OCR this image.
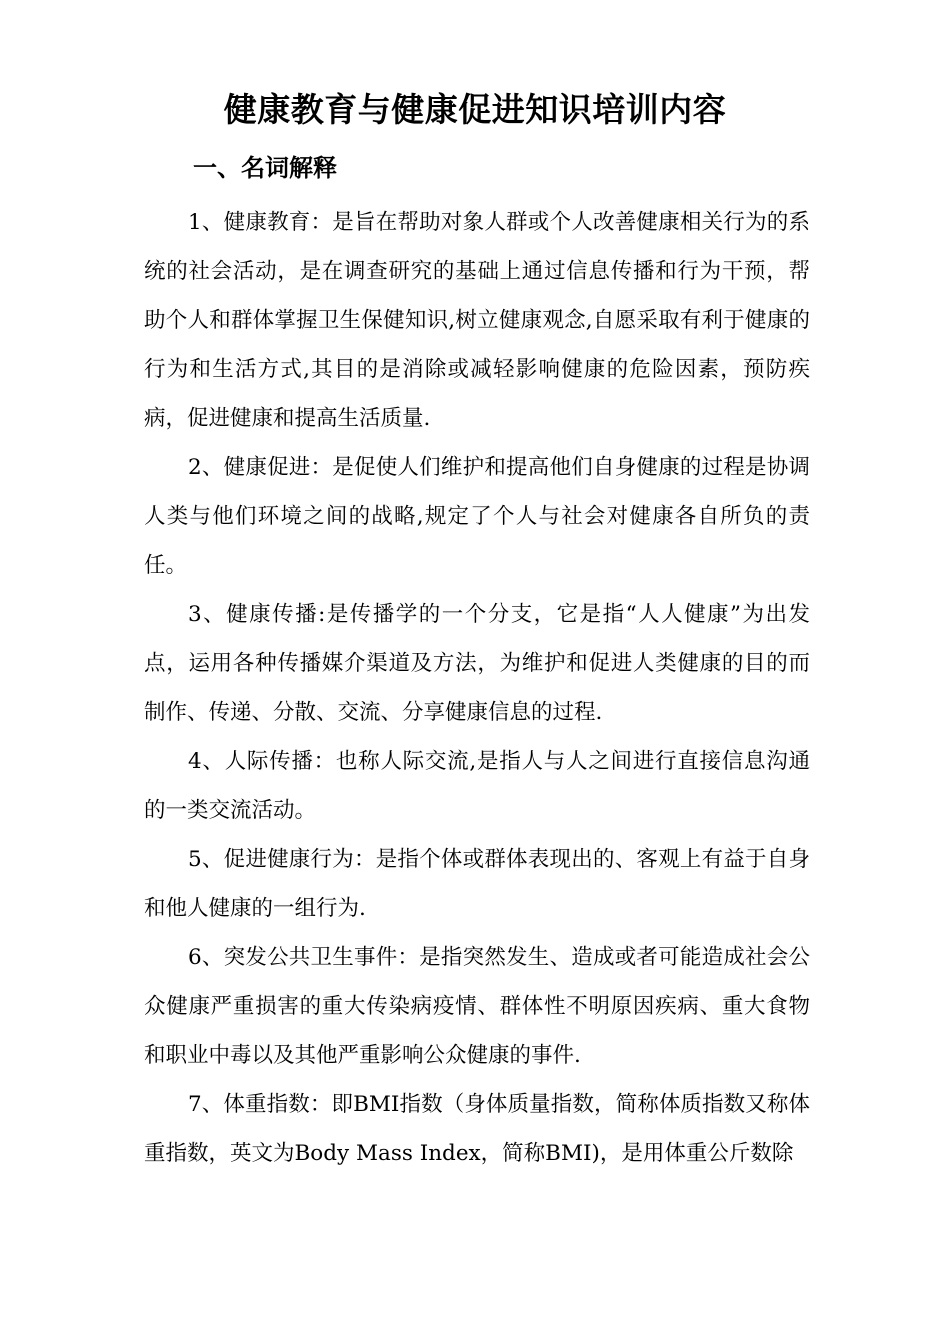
健康教育与健康促进知识培训内容
一、名词解释

1、健康教育：是旨在帮助对象人群或个人改善健康相关行为的系统的社会活动，是在调查研究的基础上通过信息传播和行为干预，帮助个人和群体掌握卫生保健知识,树立健康观念,自愿采取有利于健康的行为和生活方式,其目的是消除或减轻影响健康的危险因素，预防疾病，促进健康和提高生活质量.

2、健康促进：是促使人们维护和提高他们自身健康的过程是协调人类与他们环境之间的战略,规定了个人与社会对健康各自所负的责任。

3、健康传播:是传播学的一个分支，它是指“人人健康”为出发点，运用各种传播媒介渠道及方法，为维护和促进人类健康的目的而制作、传递、分散、交流、分享健康信息的过程.

4、人际传播：也称人际交流,是指人与人之间进行直接信息沟通的一类交流活动。

5、促进健康行为：是指个体或群体表现出的、客观上有益于自身和他人健康的一组行为.

6、突发公共卫生事件：是指突然发生、造成或者可能造成社会公众健康严重损害的重大传染病疫情、群体性不明原因疾病、重大食物和职业中毒以及其他严重影响公众健康的事件.

7、体重指数：即BMI指数（身体质量指数，简称体质指数又称体重指数，英文为Body Mass Index，简称BMI)，是用体重公斤数除
